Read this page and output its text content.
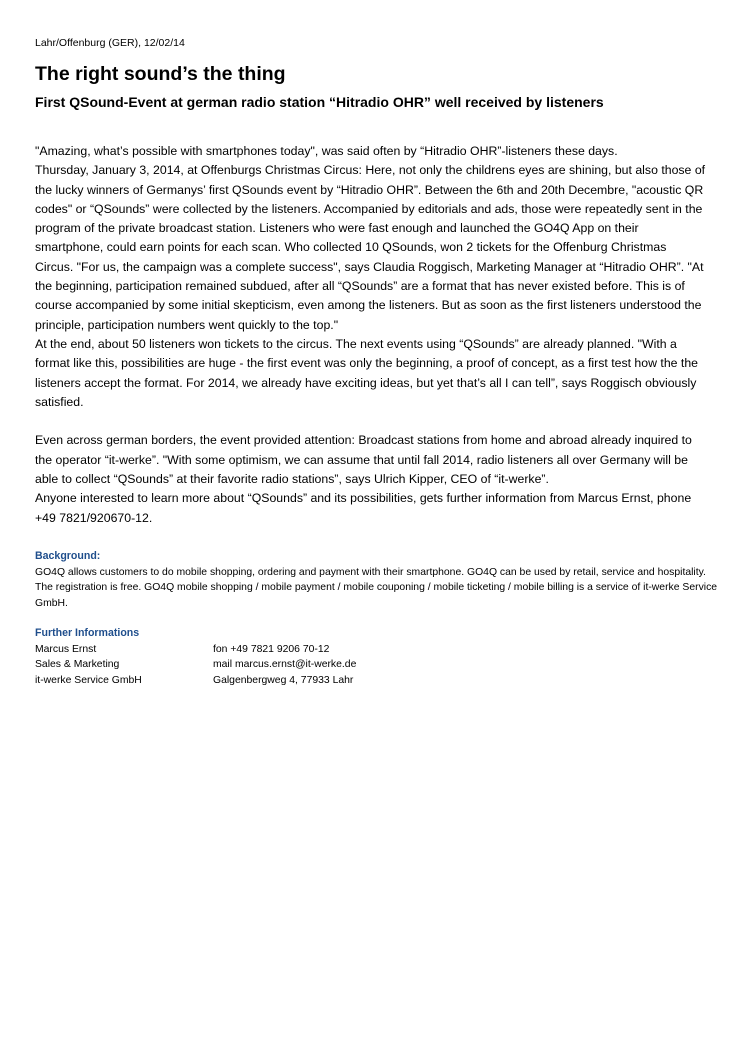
Lahr/Offenburg (GER), 12/02/14
The right sound’s the thing
First QSound-Event at german radio station “Hitradio OHR” well received by listeners

"Amazing, what’s possible with smartphones today", was said often by “Hitradio OHR”-listeners these days.

Thursday, January 3, 2014, at Offenburgs Christmas Circus: Here, not only the childrens eyes are shining, but also those of the lucky winners of Germanys’ first QSounds event by “Hitradio OHR”. Between the 6th and 20th Decembre, "acoustic QR codes" or “QSounds” were collected by the listeners. Accompanied by editorials and ads, those were repeatedly sent in the program of the private broadcast station. Listeners who were fast enough and launched the GO4Q App on their smartphone, could earn points for each scan. Who collected 10 QSounds, won 2 tickets for the Offenburg Christmas Circus. "For us, the campaign was a complete success", says Claudia Roggisch, Marketing Manager at “Hitradio OHR”. "At the beginning, participation remained subdued, after all “QSounds” are a format that has never existed before. This is of course accompanied by some initial skepticism, even among the listeners. But as soon as the first listeners understood the principle, participation numbers went quickly to the top."

At the end, about 50 listeners won tickets to the circus. The next events using “QSounds” are already planned. "With a format like this, possibilities are huge - the first event was only the beginning, a proof of concept, as a first test how the the listeners accept the format. For 2014, we already have exciting ideas, but yet that’s all I can tell”, says Roggisch obviously satisfied.

Even across german borders, the event provided attention: Broadcast stations from home and abroad already inquired to the operator “it-werke”. "With some optimism, we can assume that until fall 2014, radio listeners all over Germany will be able to collect “QSounds” at their favorite radio stations”, says Ulrich Kipper, CEO of “it-werke”.

Anyone interested to learn more about “QSounds” and its possibilities, gets further information from Marcus Ernst, phone +49 7821/920670-12.

Background:
GO4Q allows customers to do mobile shopping, ordering and payment with their smartphone. GO4Q can be used by retail, service and hospitality. The registration is free. GO4Q mobile shopping / mobile payment / mobile couponing / mobile ticketing / mobile billing is a service of it-werke Service GmbH.
Further Informations
Marcus Ernst	fon +49 7821 9206 70-12
Sales & Marketing	mail marcus.ernst@it-werke.de
it-werke Service GmbH	Galgenbergweg 4, 77933 Lahr
